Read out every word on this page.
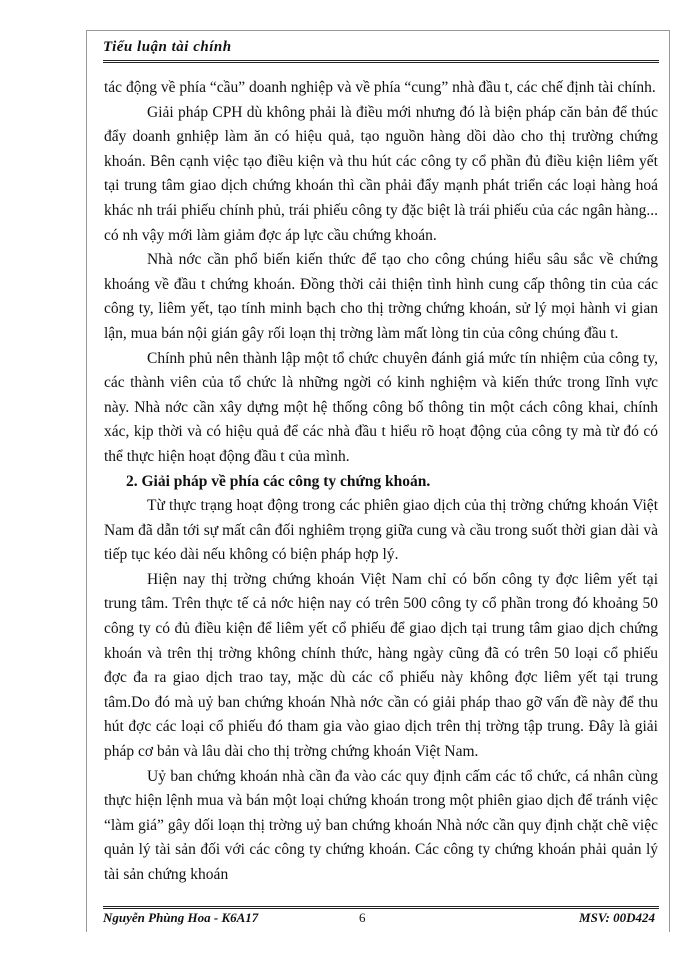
Tiểu luận tài chính

tác động về phía “cầu” doanh nghiệp và về phía “cung” nhà đầu t, các chế định tài chính.

Giải pháp CPH dù không phải là điều mới nhưng đó là biện pháp căn bản để thúc đẩy doanh gnhiệp làm ăn có hiệu quả, tạo nguồn hàng dồi dào cho thị trường chứng khoán. Bên cạnh việc tạo điều kiện và thu hút các công ty cổ phần đủ điều kiện liêm yết tại trung tâm giao dịch chứng khoán thì cần phải đẩy mạnh phát triển các loại hàng hoá khác nh trái phiếu chính phủ, trái phiếu công ty đặc biệt là trái phiếu của các ngân hàng... có nh vậy mới làm giảm đợc áp lực cầu chứng khoán.

Nhà nớc cần phổ biến kiến thức để tạo cho công chúng hiểu sâu sắc về chứng khoáng về đầu t chứng khoán. Đồng thời cải thiện tình hình cung cấp thông tin của các công ty, liêm yết, tạo tính minh bạch cho thị trờng chứng khoán, sử lý mọi hành vi gian lận, mua bán nội gián gây rối loạn thị trờng làm mất lòng tin của công chúng đầu t.

Chính phủ nên thành lập một tổ chức chuyên đánh giá mức tín nhiệm của công ty, các thành viên của tổ chức là những ngời có kinh nghiệm và kiến thức trong lĩnh vực này. Nhà nớc cần xây dựng một hệ thống công bố thông tin một cách công khai, chính xác, kịp thời và có hiệu quả để các nhà đầu t hiểu rõ hoạt động của công ty mà từ đó có thể thực hiện hoạt động đầu t của mình.

2. Giải pháp về phía các công ty chứng khoán.

Từ thực trạng hoạt động trong các phiên giao dịch của thị trờng chứng khoán Việt Nam đã dẫn tới sự mất cân đối nghiêm trọng giữa cung và cầu trong suốt thời gian dài và tiếp tục kéo dài nếu không có biện pháp hợp lý.

Hiện nay thị trờng chứng khoán Việt Nam chỉ có bốn công ty đợc liêm yết tại trung tâm. Trên thực tế cả nớc hiện nay có trên 500 công ty cổ phần trong đó khoảng 50 công ty có đủ điều kiện để liêm yết cổ phiếu để giao dịch tại trung tâm giao dịch chứng khoán và trên thị trờng không chính thức, hàng ngày cũng đã có trên 50 loại cổ phiếu đợc đa ra giao dịch trao tay, mặc dù các cổ phiếu này không đợc liêm yết tại trung tâm.Do đó mà uỷ ban chứng khoán Nhà nớc cần có giải pháp thao gỡ vấn đề này để thu hút đợc các loại cổ phiếu đó tham gia vào giao dịch trên thị trờng tập trung. Đây là giải pháp cơ bản và lâu dài cho thị trờng chứng khoán Việt Nam.

Uỷ ban chứng khoán nhà cần đa vào các quy định cấm các tổ chức, cá nhân cùng thực hiện lệnh mua và bán một loại chứng khoán trong một phiên giao dịch để tránh việc “làm giá” gây dối loạn thị trờng uỷ ban chứng khoán Nhà nớc cần quy định chặt chẽ việc quản lý tài sản đối với các công ty chứng khoán. Các công ty chứng khoán phải quản lý tài sản chứng khoán

Nguyễn Phùng Hoa - K6A17	6	MSV: 00D424
